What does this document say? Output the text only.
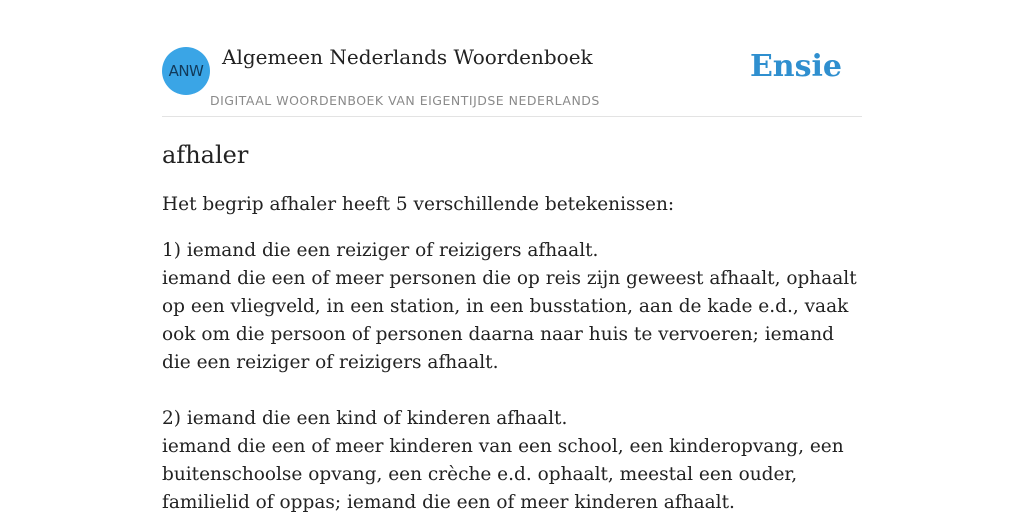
ANW
Algemeen Nederlands Woordenboek
DIGITAAL WOORDENBOEK VAN EIGENTIJDSE NEDERLANDS
Ensie
afhaler
Het begrip afhaler heeft 5 verschillende betekenissen:
1) iemand die een reiziger of reizigers afhaalt.
iemand die een of meer personen die op reis zijn geweest afhaalt, ophaalt op een vliegveld, in een station, in een busstation, aan de kade e.d., vaak ook om die persoon of personen daarna naar huis te vervoeren; iemand die een reiziger of reizigers afhaalt.
2) iemand die een kind of kinderen afhaalt.
iemand die een of meer kinderen van een school, een kinderopvang, een buitenschoolse opvang, een crèche e.d. ophaalt, meestal een ouder, familielid of oppas; iemand die een of meer kinderen afhaalt.
